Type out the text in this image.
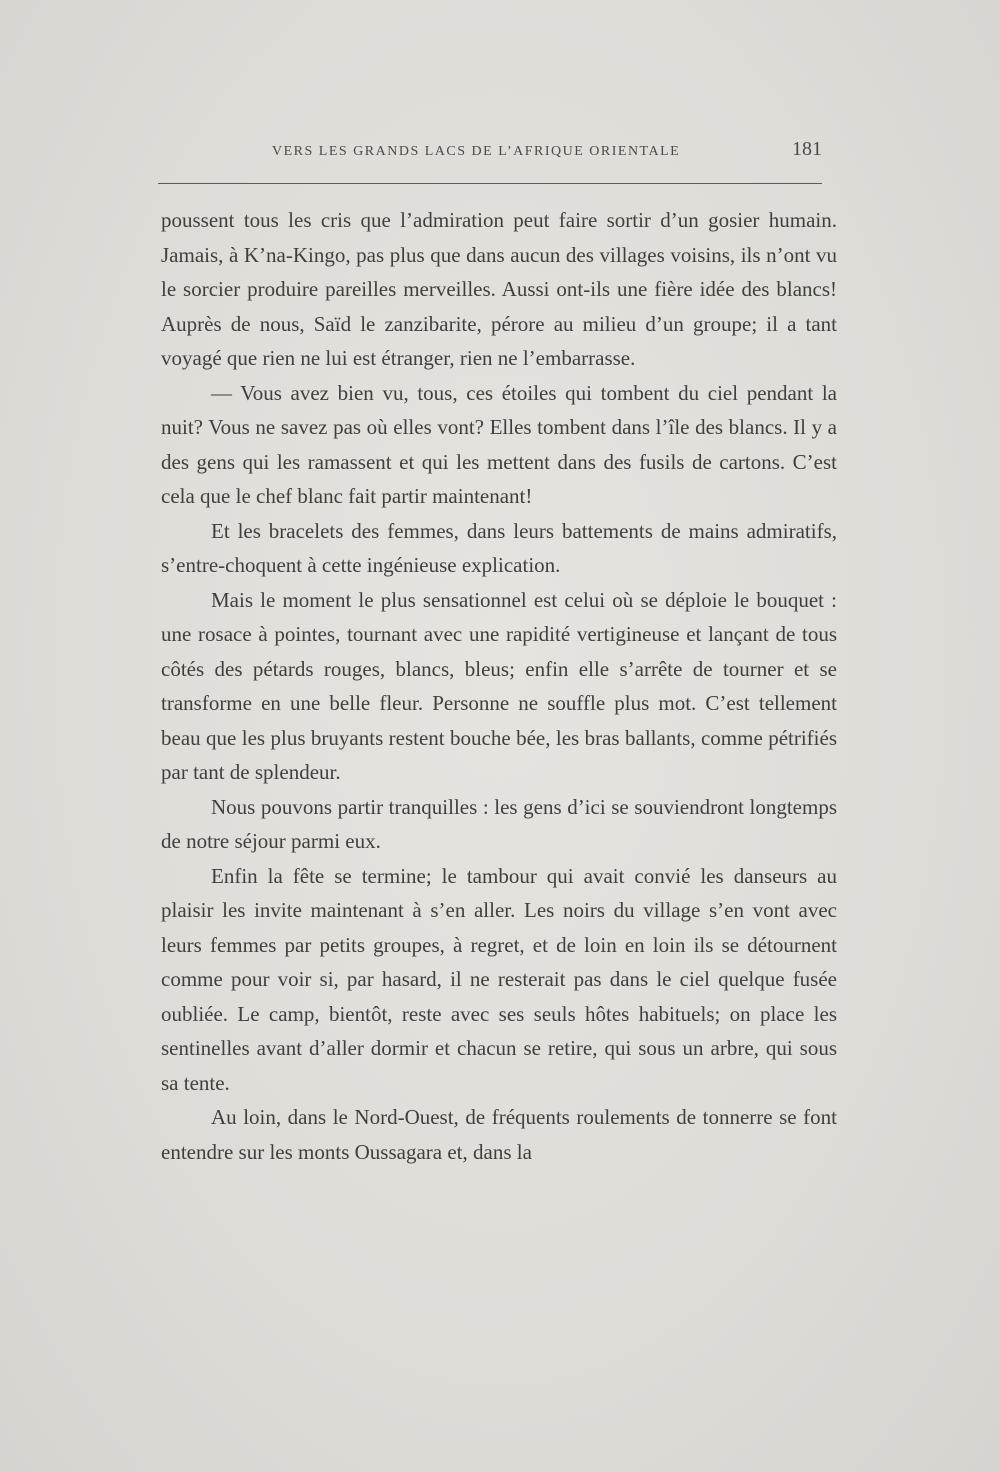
VERS LES GRANDS LACS DE L’AFRIQUE ORIENTALE	181

poussent tous les cris que l’admiration peut faire sortir d’un gosier humain. Jamais, à K’na-Kingo, pas plus que dans aucun des villages voisins, ils n’ont vu le sorcier produire pareilles merveilles. Aussi ont-ils une fière idée des blancs! Auprès de nous, Saïd le zanzibarite, pérore au milieu d’un groupe; il a tant voyagé que rien ne lui est étranger, rien ne l’embarrasse.

— Vous avez bien vu, tous, ces étoiles qui tombent du ciel pendant la nuit? Vous ne savez pas où elles vont? Elles tombent dans l’île des blancs. Il y a des gens qui les ramassent et qui les mettent dans des fusils de cartons. C’est cela que le chef blanc fait partir maintenant!

Et les bracelets des femmes, dans leurs battements de mains admiratifs, s’entre-choquent à cette ingénieuse explication.

Mais le moment le plus sensationnel est celui où se déploie le bouquet : une rosace à pointes, tournant avec une rapidité vertigineuse et lançant de tous côtés des pétards rouges, blancs, bleus; enfin elle s’arrête de tourner et se transforme en une belle fleur. Personne ne souffle plus mot. C’est tellement beau que les plus bruyants restent bouche bée, les bras ballants, comme pétrifiés par tant de splendeur.

Nous pouvons partir tranquilles : les gens d’ici se souviendront longtemps de notre séjour parmi eux.

Enfin la fête se termine; le tambour qui avait convié les danseurs au plaisir les invite maintenant à s’en aller. Les noirs du village s’en vont avec leurs femmes par petits groupes, à regret, et de loin en loin ils se détournent comme pour voir si, par hasard, il ne resterait pas dans le ciel quelque fusée oubliée. Le camp, bientôt, reste avec ses seuls hôtes habituels; on place les sentinelles avant d’aller dormir et chacun se retire, qui sous un arbre, qui sous sa tente.

Au loin, dans le Nord-Ouest, de fréquents roulements de tonnerre se font entendre sur les monts Oussagara et, dans la
